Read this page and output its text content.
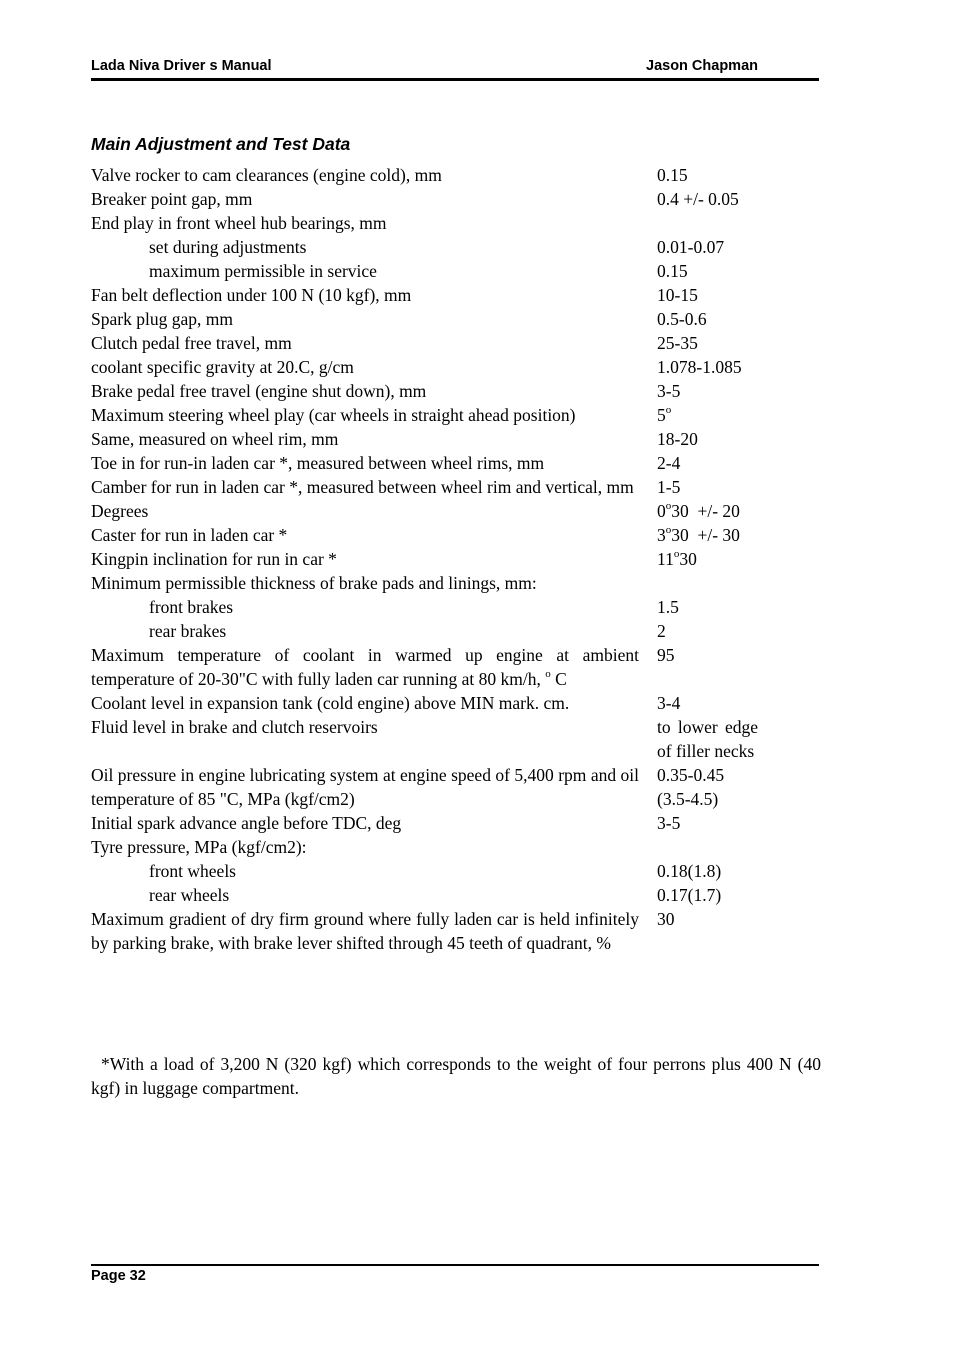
Lada Niva Driver s Manual	Jason Chapman
Main Adjustment and Test Data
Valve rocker to cam clearances (engine cold), mm		0.15
Breaker point gap, mm		0.4 +/- 0.05
End play in front wheel hub bearings, mm		
set during adjustments		0.01-0.07
maximum permissible in service		0.15
Fan belt deflection under 100 N (10 kgf), mm		10-15
Spark plug gap, mm		0.5-0.6
Clutch pedal free travel, mm		25-35
coolant specific gravity at 20.C, g/cm		1.078-1.085
Brake pedal free travel (engine shut down), mm		3-5
Maximum steering wheel play (car wheels in straight ahead position)		5$^o$
Same, measured on wheel rim, mm		18-20
Toe in for run-in laden car *, measured between wheel rims, mm		2-4
Camber for run in laden car *, measured between wheel rim and vertical, mm		1-5
Degrees		0$^o$30  +/- 20
Caster for run in laden car *		3$^o$30  +/- 30
Kingpin inclination for run in car *		11$^o$30
Minimum permissible thickness of brake pads and linings, mm:		
front brakes		1.5
rear brakes		2
Maximum temperature of coolant in warmed up engine at ambient temperature of 20-30"C with fully laden car running at 80 km/h, $^o$ C		95
Coolant level in expansion tank (cold engine) above MIN mark. cm.		3-4
Fluid level in brake and clutch reservoirs		to lower edge of filler necks
Oil pressure in engine lubricating system at engine speed of 5,400 rpm and oil temperature of 85 "C, MPa (kgf/cm2)		0.35-0.45 (3.5-4.5)
Initial spark advance angle before TDC, deg		3-5
Tyre pressure, MPa (kgf/cm2):		
front wheels		0.18(1.8)
rear wheels		0.17(1.7)
Maximum gradient of dry firm ground where fully laden car is held infinitely by parking brake, with brake lever shifted through 45 teeth of quadrant, %		30

*With a load of 3,200 N (320 kgf) which corresponds to the weight of four perrons plus 400 N (40 kgf) in luggage compartment.

Page 32
